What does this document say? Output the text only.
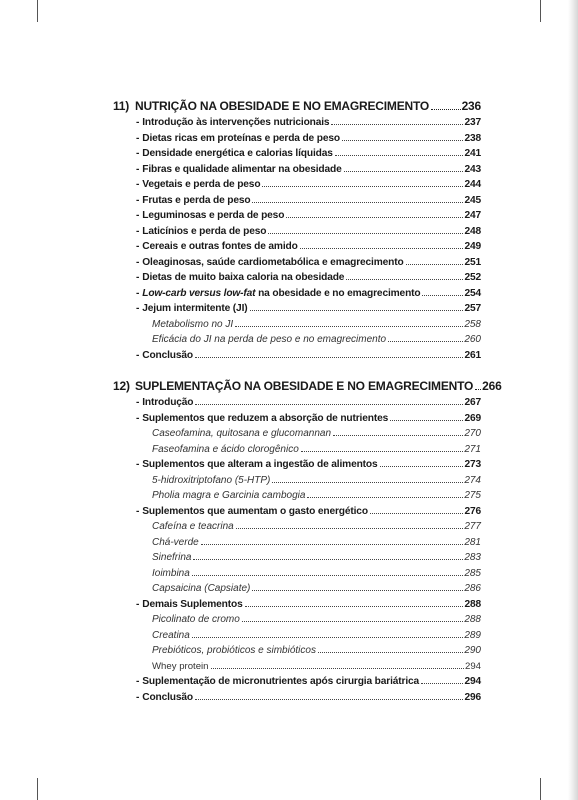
11) NUTRIÇÃO NA OBESIDADE E NO EMAGRECIMENTO	236
- Introdução às intervenções nutricionais	237
- Dietas ricas em proteínas e perda de peso	238
- Densidade energética e calorias líquidas	241
- Fibras e qualidade alimentar na obesidade	243
- Vegetais e perda de peso	244
- Frutas e perda de peso	245
- Leguminosas e perda de peso	247
- Laticínios e perda de peso	248
- Cereais e outras fontes de amido	249
- Oleaginosas, saúde cardiometabólica e emagrecimento	251
- Dietas de muito baixa caloria na obesidade	252
- Low-carb versus low-fat na obesidade e no emagrecimento	254
- Jejum intermitente (JI)	257
Metabolismo no JI	258
Eficácia do JI na perda de peso e no emagrecimento	260
- Conclusão	261
12) SUPLEMENTAÇÃO NA OBESIDADE E NO EMAGRECIMENTO 266
- Introdução	267
- Suplementos que reduzem a absorção de nutrientes	269
Caseofamina, quitosana e glucomannan	270
Faseofamina e ácido clorogênico	271
- Suplementos que alteram a ingestão de alimentos	273
5-hidroxitriptofano (5-HTP)	274
Pholia magra e Garcinia cambogia	275
- Suplementos que aumentam o gasto energético	276
Cafeína e teacrina	277
Chá-verde	281
Sinefrina	283
Ioimbina	285
Capsaicina (Capsiate)	286
- Demais Suplementos	288
Picolinato de cromo	288
Creatina	289
Prebióticos, probióticos e simbióticos	290
Whey protein	294
- Suplementação de micronutrientes após cirurgia bariátrica	294
- Conclusão	296
